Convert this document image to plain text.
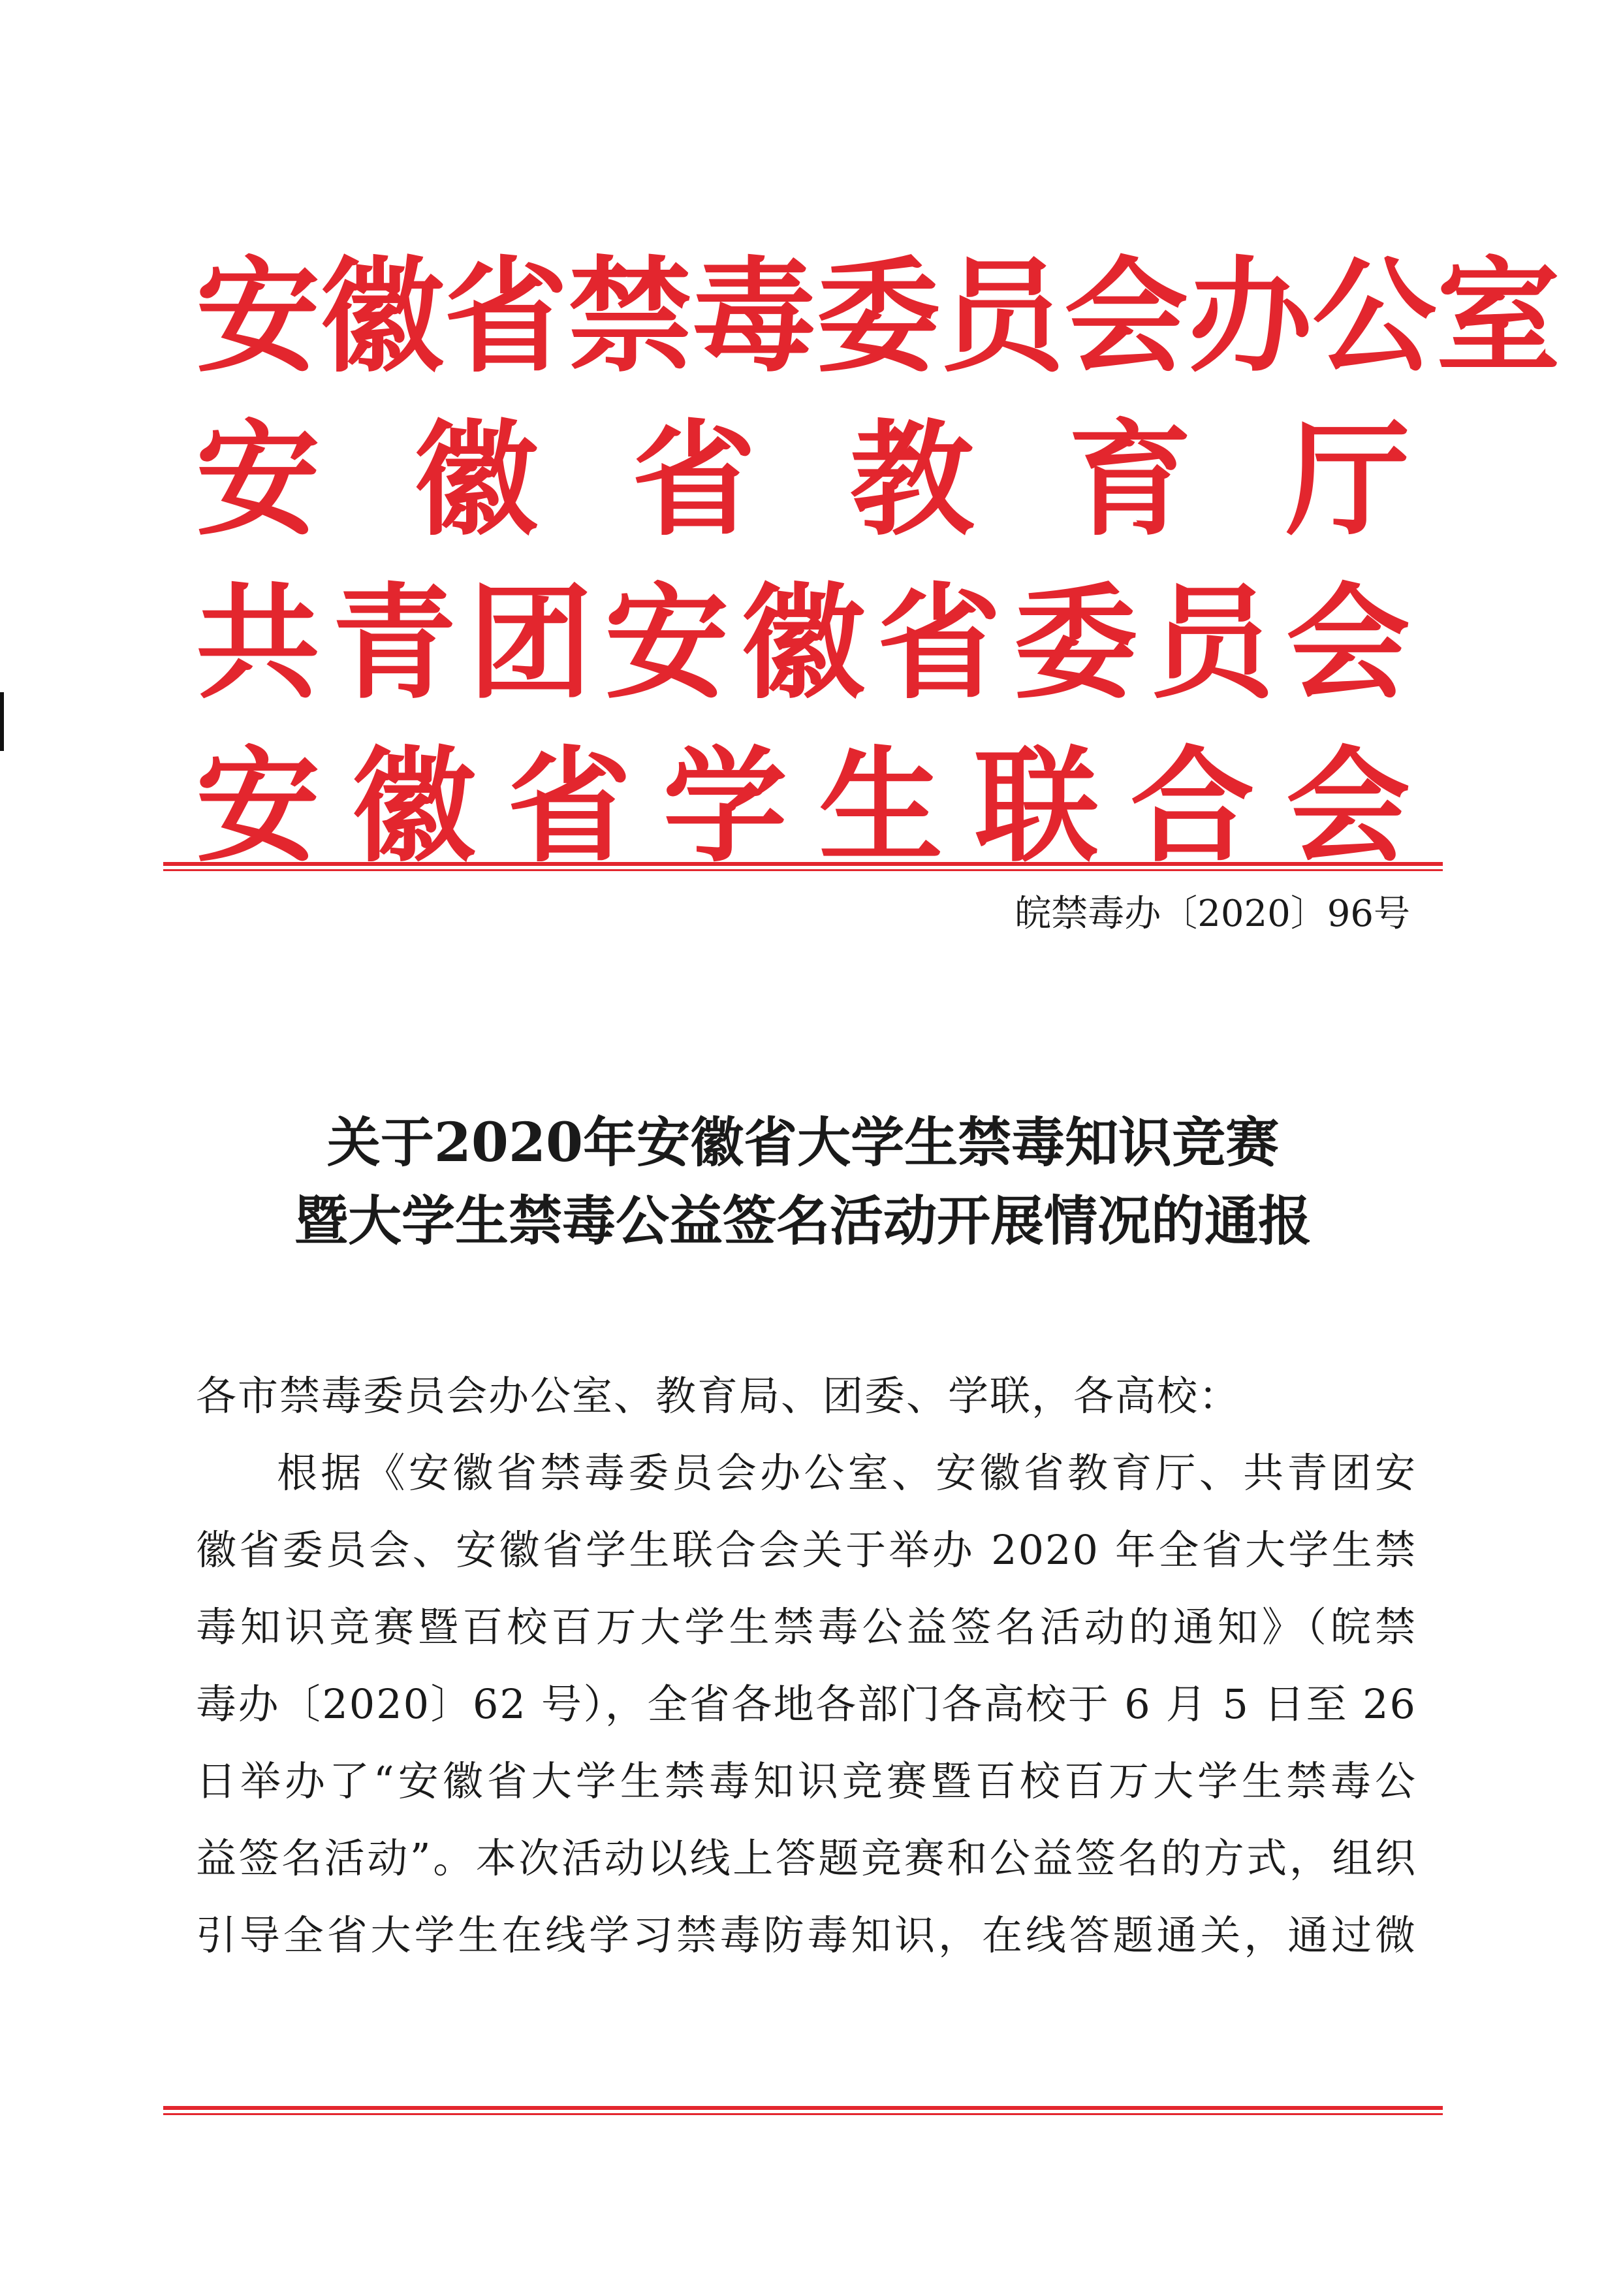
安 徽 省 禁 毒 委 员 会 办 公 室
安 徽 省 教 育 厅
共 青 团 安 徽 省 委 员 会
安 徽 省 学 生 联 合 会
皖禁毒办〔2020〕96号
关于2020年安徽省大学生禁毒知识竞赛
暨大学生禁毒公益签名活动开展情况的通报
各市禁毒委员会办公室、教育局、团委、学联，各高校：
根据《安徽省禁毒委员会办公室、安徽省教育厅、共青团安
徽省委员会、安徽省学生联合会关于举办 2020 年全省大学生禁
毒知识竞赛暨百校百万大学生禁毒公益签名活动的通知》（皖禁
毒办〔2020〕62 号），全省各地各部门各高校于 6 月 5 日至 26
日举办了“安徽省大学生禁毒知识竞赛暨百校百万大学生禁毒公
益签名活动”。本次活动以线上答题竞赛和公益签名的方式，组织
引导全省大学生在线学习禁毒防毒知识，在线答题通关，通过微
